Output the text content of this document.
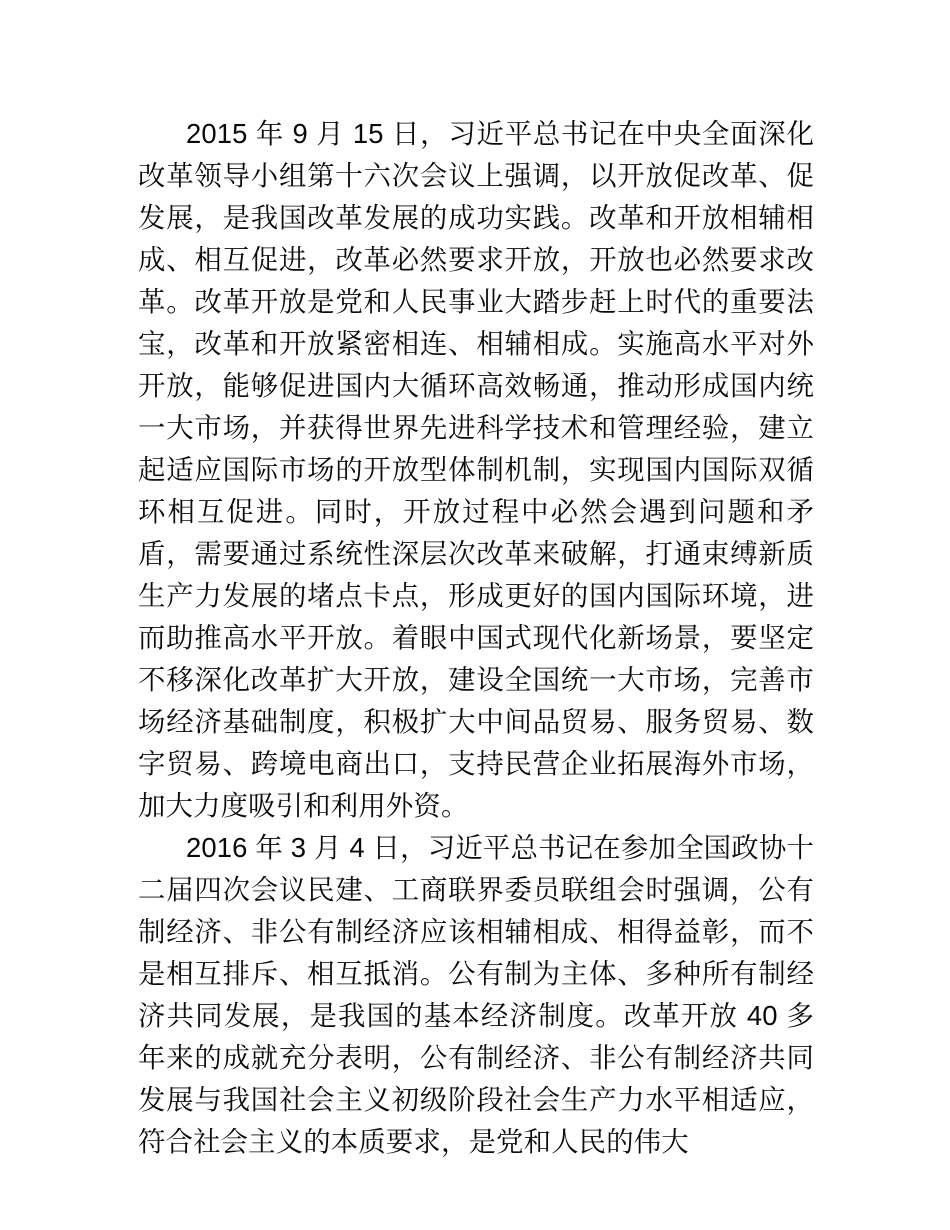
2015 年 9 月 15 日，习近平总书记在中央全面深化改革领导小组第十六次会议上强调，以开放促改革、促发展，是我国改革发展的成功实践。改革和开放相辅相成、相互促进，改革必然要求开放，开放也必然要求改革。改革开放是党和人民事业大踏步赶上时代的重要法宝，改革和开放紧密相连、相辅相成。实施高水平对外开放，能够促进国内大循环高效畅通，推动形成国内统一大市场，并获得世界先进科学技术和管理经验，建立起适应国际市场的开放型体制机制，实现国内国际双循环相互促进。同时，开放过程中必然会遇到问题和矛盾，需要通过系统性深层次改革来破解，打通束缚新质生产力发展的堵点卡点，形成更好的国内国际环境，进而助推高水平开放。着眼中国式现代化新场景，要坚定不移深化改革扩大开放，建设全国统一大市场，完善市场经济基础制度，积极扩大中间品贸易、服务贸易、数字贸易、跨境电商出口，支持民营企业拓展海外市场，加大力度吸引和利用外资。

2016 年 3 月 4 日，习近平总书记在参加全国政协十二届四次会议民建、工商联界委员联组会时强调，公有制经济、非公有制经济应该相辅相成、相得益彰，而不是相互排斥、相互抵消。公有制为主体、多种所有制经济共同发展，是我国的基本经济制度。改革开放 40 多年来的成就充分表明，公有制经济、非公有制经济共同发展与我国社会主义初级阶段社会生产力水平相适应，符合社会主义的本质要求，是党和人民的伟大
